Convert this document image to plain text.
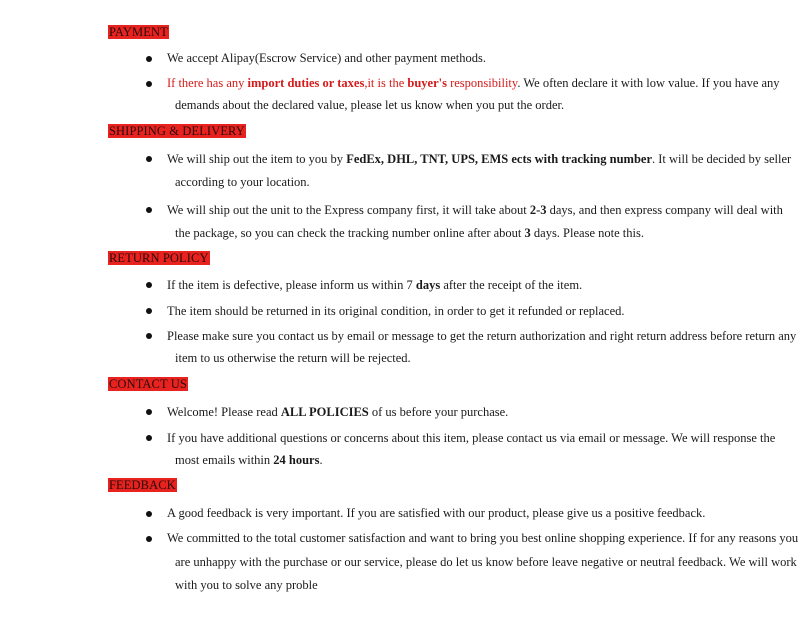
PAYMENT
We accept Alipay(Escrow Service) and other payment methods.
If there has any import duties or taxes,it is the buyer's responsibility. We often declare it with low value. If you have any
demands about the declared value, please let us know when you put the order.
SHIPPING & DELIVERY
We will ship out the item to you by FedEx, DHL, TNT, UPS, EMS ects with tracking number. It will be decided by seller
according to your location.
We will ship out the unit to the Express company first, it will take about 2-3 days, and then express company will deal with
the package, so you can check the tracking number online after about 3 days. Please note this.
RETURN POLICY
If the item is defective, please inform us within 7 days after the receipt of the item.
The item should be returned in its original condition, in order to get it refunded or replaced.
Please make sure you contact us by email or message to get the return authorization and right return address before return any
item to us otherwise the return will be rejected.
CONTACT US
Welcome! Please read ALL POLICIES of us before your purchase.
If you have additional questions or concerns about this item, please contact us via email or message. We will response the
most emails within 24 hours.
FEEDBACK
A good feedback is very important. If you are satisfied with our product, please give us a positive feedback.
We committed to the total customer satisfaction and want to bring you best online shopping experience. If for any reasons you
are unhappy with the purchase or our service, please do let us know before leave negative or neutral feedback. We will work
with you to solve any proble
